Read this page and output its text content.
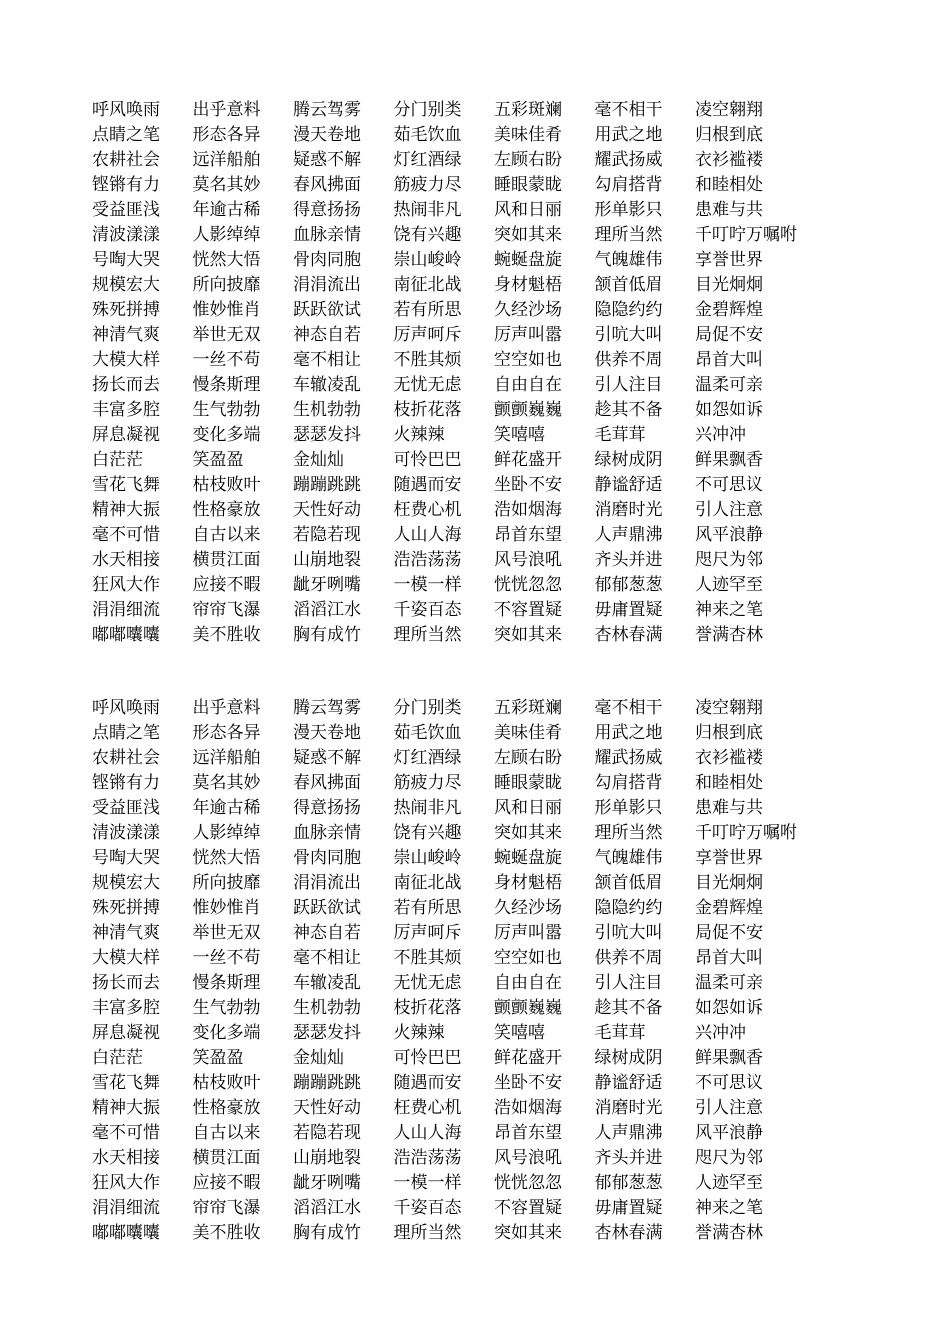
呼风唤雨	出乎意料	腾云驾雾	分门别类	五彩斑斓	毫不相干	凌空翱翔
点睛之笔	形态各异	漫天卷地	茹毛饮血	美味佳肴	用武之地	归根到底
农耕社会	远洋船舶	疑惑不解	灯红酒绿	左顾右盼	耀武扬威	衣衫褴褛
铿锵有力	莫名其妙	春风拂面	筋疲力尽	睡眼蒙眬	勾肩搭背	和睦相处
受益匪浅	年逾古稀	得意扬扬	热闹非凡	风和日丽	形单影只	患难与共
清波漾漾	人影绰绰	血脉亲情	饶有兴趣	突如其来	理所当然	千叮咛万嘱咐
号啕大哭	恍然大悟	骨肉同胞	崇山峻岭	蜿蜒盘旋	气魄雄伟	享誉世界
规模宏大	所向披靡	涓涓流出	南征北战	身材魁梧	颔首低眉	目光炯炯
殊死拼搏	惟妙惟肖	跃跃欲试	若有所思	久经沙场	隐隐约约	金碧辉煌
神清气爽	举世无双	神态自若	厉声呵斥	厉声叫嚣	引吭大叫	局促不安
大模大样	一丝不苟	毫不相让	不胜其烦	空空如也	供养不周	昂首大叫
扬长而去	慢条斯理	车辙凌乱	无忧无虑	自由自在	引人注目	温柔可亲
丰富多腔	生气勃勃	生机勃勃	枝折花落	颤颤巍巍	趁其不备	如怨如诉
屏息凝视	变化多端	瑟瑟发抖	火辣辣	笑嘻嘻	毛茸茸	兴冲冲
白茫茫	笑盈盈	金灿灿	可怜巴巴	鲜花盛开	绿树成阴	鲜果飘香
雪花飞舞	枯枝败叶	蹦蹦跳跳	随遇而安	坐卧不安	静谧舒适	不可思议
精神大振	性格豪放	天性好动	枉费心机	浩如烟海	消磨时光	引人注意
毫不可惜	自古以来	若隐若现	人山人海	昂首东望	人声鼎沸	风平浪静
水天相接	横贯江面	山崩地裂	浩浩荡荡	风号浪吼	齐头并进	咫尺为邻
狂风大作	应接不暇	龇牙咧嘴	一模一样	恍恍忽忽	郁郁葱葱	人迹罕至
涓涓细流	帘帘飞瀑	滔滔江水	千姿百态	不容置疑	毋庸置疑	神来之笔
嘟嘟囔囔	美不胜收	胸有成竹	理所当然	突如其来	杏林春满	誉满杏林
呼风唤雨	出乎意料	腾云驾雾	分门别类	五彩斑斓	毫不相干	凌空翱翔
点睛之笔	形态各异	漫天卷地	茹毛饮血	美味佳肴	用武之地	归根到底
农耕社会	远洋船舶	疑惑不解	灯红酒绿	左顾右盼	耀武扬威	衣衫褴褛
铿锵有力	莫名其妙	春风拂面	筋疲力尽	睡眼蒙眬	勾肩搭背	和睦相处
受益匪浅	年逾古稀	得意扬扬	热闹非凡	风和日丽	形单影只	患难与共
清波漾漾	人影绰绰	血脉亲情	饶有兴趣	突如其来	理所当然	千叮咛万嘱咐
号啕大哭	恍然大悟	骨肉同胞	崇山峻岭	蜿蜒盘旋	气魄雄伟	享誉世界
规模宏大	所向披靡	涓涓流出	南征北战	身材魁梧	颔首低眉	目光炯炯
殊死拼搏	惟妙惟肖	跃跃欲试	若有所思	久经沙场	隐隐约约	金碧辉煌
神清气爽	举世无双	神态自若	厉声呵斥	厉声叫嚣	引吭大叫	局促不安
大模大样	一丝不苟	毫不相让	不胜其烦	空空如也	供养不周	昂首大叫
扬长而去	慢条斯理	车辙凌乱	无忧无虑	自由自在	引人注目	温柔可亲
丰富多腔	生气勃勃	生机勃勃	枝折花落	颤颤巍巍	趁其不备	如怨如诉
屏息凝视	变化多端	瑟瑟发抖	火辣辣	笑嘻嘻	毛茸茸	兴冲冲
白茫茫	笑盈盈	金灿灿	可怜巴巴	鲜花盛开	绿树成阴	鲜果飘香
雪花飞舞	枯枝败叶	蹦蹦跳跳	随遇而安	坐卧不安	静谧舒适	不可思议
精神大振	性格豪放	天性好动	枉费心机	浩如烟海	消磨时光	引人注意
毫不可惜	自古以来	若隐若现	人山人海	昂首东望	人声鼎沸	风平浪静
水天相接	横贯江面	山崩地裂	浩浩荡荡	风号浪吼	齐头并进	咫尺为邻
狂风大作	应接不暇	龇牙咧嘴	一模一样	恍恍忽忽	郁郁葱葱	人迹罕至
涓涓细流	帘帘飞瀑	滔滔江水	千姿百态	不容置疑	毋庸置疑	神来之笔
嘟嘟囔囔	美不胜收	胸有成竹	理所当然	突如其来	杏林春满	誉满杏林
